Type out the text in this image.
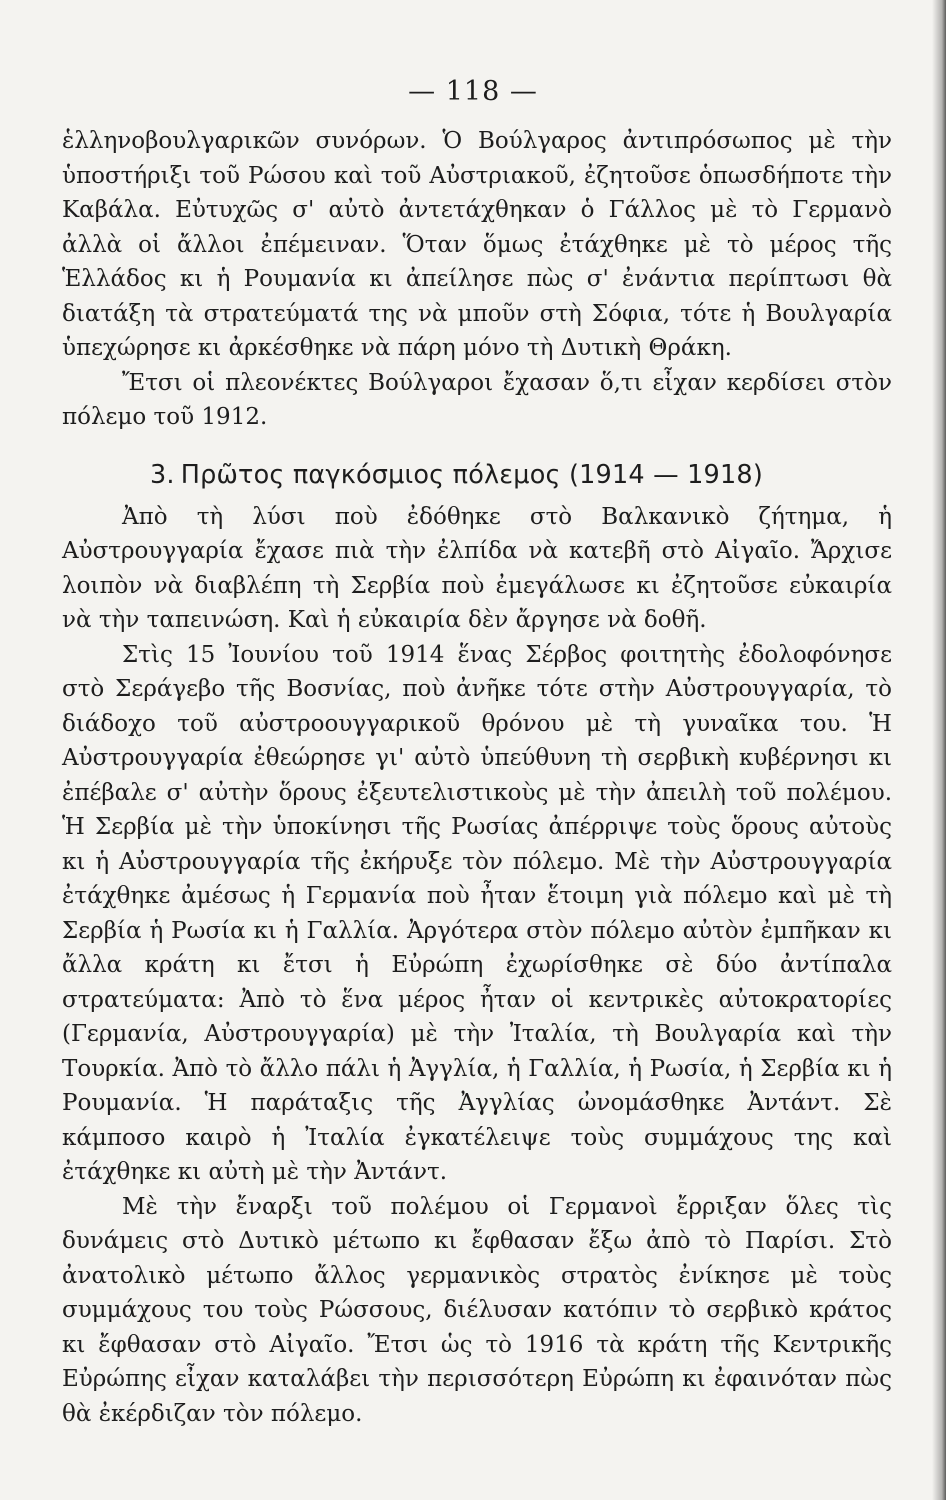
— 118 —

ἑλληνοβουλγαρικῶν συνόρων. Ὁ Βούλγαρος ἀντιπρόσωπος μὲ τὴν ὑποστήριξι τοῦ Ρώσου καὶ τοῦ Αὐστριακοῦ, ἐζητοῦσε ὁπωσδήποτε τὴν Καβάλα. Εὐτυχῶς σ' αὐτὸ ἀντετάχθηκαν ὁ Γάλλος μὲ τὸ Γερμανὸ ἀλλὰ οἱ ἄλλοι ἐπέμειναν. Ὅταν ὅμως ἐτάχθηκε μὲ τὸ μέρος τῆς Ἑλλάδος κι ἡ Ρουμανία κι ἀπείλησε πὼς σ' ἐνάντια περίπτωσι θὰ διατάξη τὰ στρατεύματά της νὰ μποῦν στὴ Σόφια, τότε ἡ Βουλγαρία ὑπεχώρησε κι ἀρκέσθηκε νὰ πάρη μόνο τὴ Δυτικὴ Θράκη.

Ἔτσι οἱ πλεονέκτες Βούλγαροι ἔχασαν ὅ,τι εἶχαν κερδίσει στὸν πόλεμο τοῦ 1912.

3. Πρῶτος παγκόσμιος πόλεμος (1914 — 1918)

Ἀπὸ τὴ λύσι ποὺ ἐδόθηκε στὸ Βαλκανικὸ ζήτημα, ἡ Αὐστρουγγαρία ἔχασε πιὰ τὴν ἐλπίδα νὰ κατεβῆ στὸ Αἰγαῖο. Ἄρχισε λοιπὸν νὰ διαβλέπη τὴ Σερβία ποὺ ἐμεγάλωσε κι ἐζητοῦσε εὐκαιρία νὰ τὴν ταπεινώση. Καὶ ἡ εὐκαιρία δὲν ἄργησε νὰ δοθῆ.

Στὶς 15 Ἰουνίου τοῦ 1914 ἕνας Σέρβος φοιτητὴς ἐδολοφόνησε στὸ Σεράγεβο τῆς Βοσνίας, ποὺ ἀνῆκε τότε στὴν Αὐστρουγγαρία, τὸ διάδοχο τοῦ αὐστροουγγαρικοῦ θρόνου μὲ τὴ γυναῖκα του. Ἡ Αὐστρουγγαρία ἐθεώρησε γι' αὐτὸ ὑπεύθυνη τὴ σερβικὴ κυβέρνησι κι ἐπέβαλε σ' αὐτὴν ὅρους ἐξευτελιστικοὺς μὲ τὴν ἀπειλὴ τοῦ πολέμου. Ἡ Σερβία μὲ τὴν ὑποκίνησι τῆς Ρωσίας ἀπέρριψε τοὺς ὅρους αὐτοὺς κι ἡ Αὐστρουγγαρία τῆς ἐκήρυξε τὸν πόλεμο. Μὲ τὴν Αὐστρουγγαρία ἐτάχθηκε ἀμέσως ἡ Γερμανία ποὺ ἦταν ἕτοιμη γιὰ πόλεμο καὶ μὲ τὴ Σερβία ἡ Ρωσία κι ἡ Γαλλία. Ἀργότερα στὸν πόλεμο αὐτὸν ἐμπῆκαν κι ἄλλα κράτη κι ἔτσι ἡ Εὐρώπη ἐχωρίσθηκε σὲ δύο ἀντίπαλα στρατεύματα: Ἀπὸ τὸ ἕνα μέρος ἦταν οἱ κεντρικὲς αὐτοκρατορίες (Γερμανία, Αὐστρουγγαρία) μὲ τὴν Ἰταλία, τὴ Βουλγαρία καὶ τὴν Τουρκία. Ἀπὸ τὸ ἄλλο πάλι ἡ Ἀγγλία, ἡ Γαλλία, ἡ Ρωσία, ἡ Σερβία κι ἡ Ρουμανία. Ἡ παράταξις τῆς Ἀγγλίας ὠνομάσθηκε Ἀντάντ. Σὲ κάμποσο καιρὸ ἡ Ἰταλία ἐγκατέλειψε τοὺς συμμάχους της καὶ ἐτάχθηκε κι αὐτὴ μὲ τὴν Ἀντάντ.

Μὲ τὴν ἔναρξι τοῦ πολέμου οἱ Γερμανοὶ ἔρριξαν ὅλες τὶς δυνάμεις στὸ Δυτικὸ μέτωπο κι ἔφθασαν ἔξω ἀπὸ τὸ Παρίσι. Στὸ ἀνατολικὸ μέτωπο ἄλλος γερμανικὸς στρατὸς ἐνίκησε μὲ τοὺς συμμάχους του τοὺς Ρώσσους, διέλυσαν κατόπιν τὸ σερβικὸ κράτος κι ἔφθασαν στὸ Αἰγαῖο. Ἔτσι ὡς τὸ 1916 τὰ κράτη τῆς Κεντρικῆς Εὐρώπης εἶχαν καταλάβει τὴν περισσότερη Εὐρώπη κι ἐφαινόταν πὼς θὰ ἐκέρδιζαν τὸν πόλεμο.
